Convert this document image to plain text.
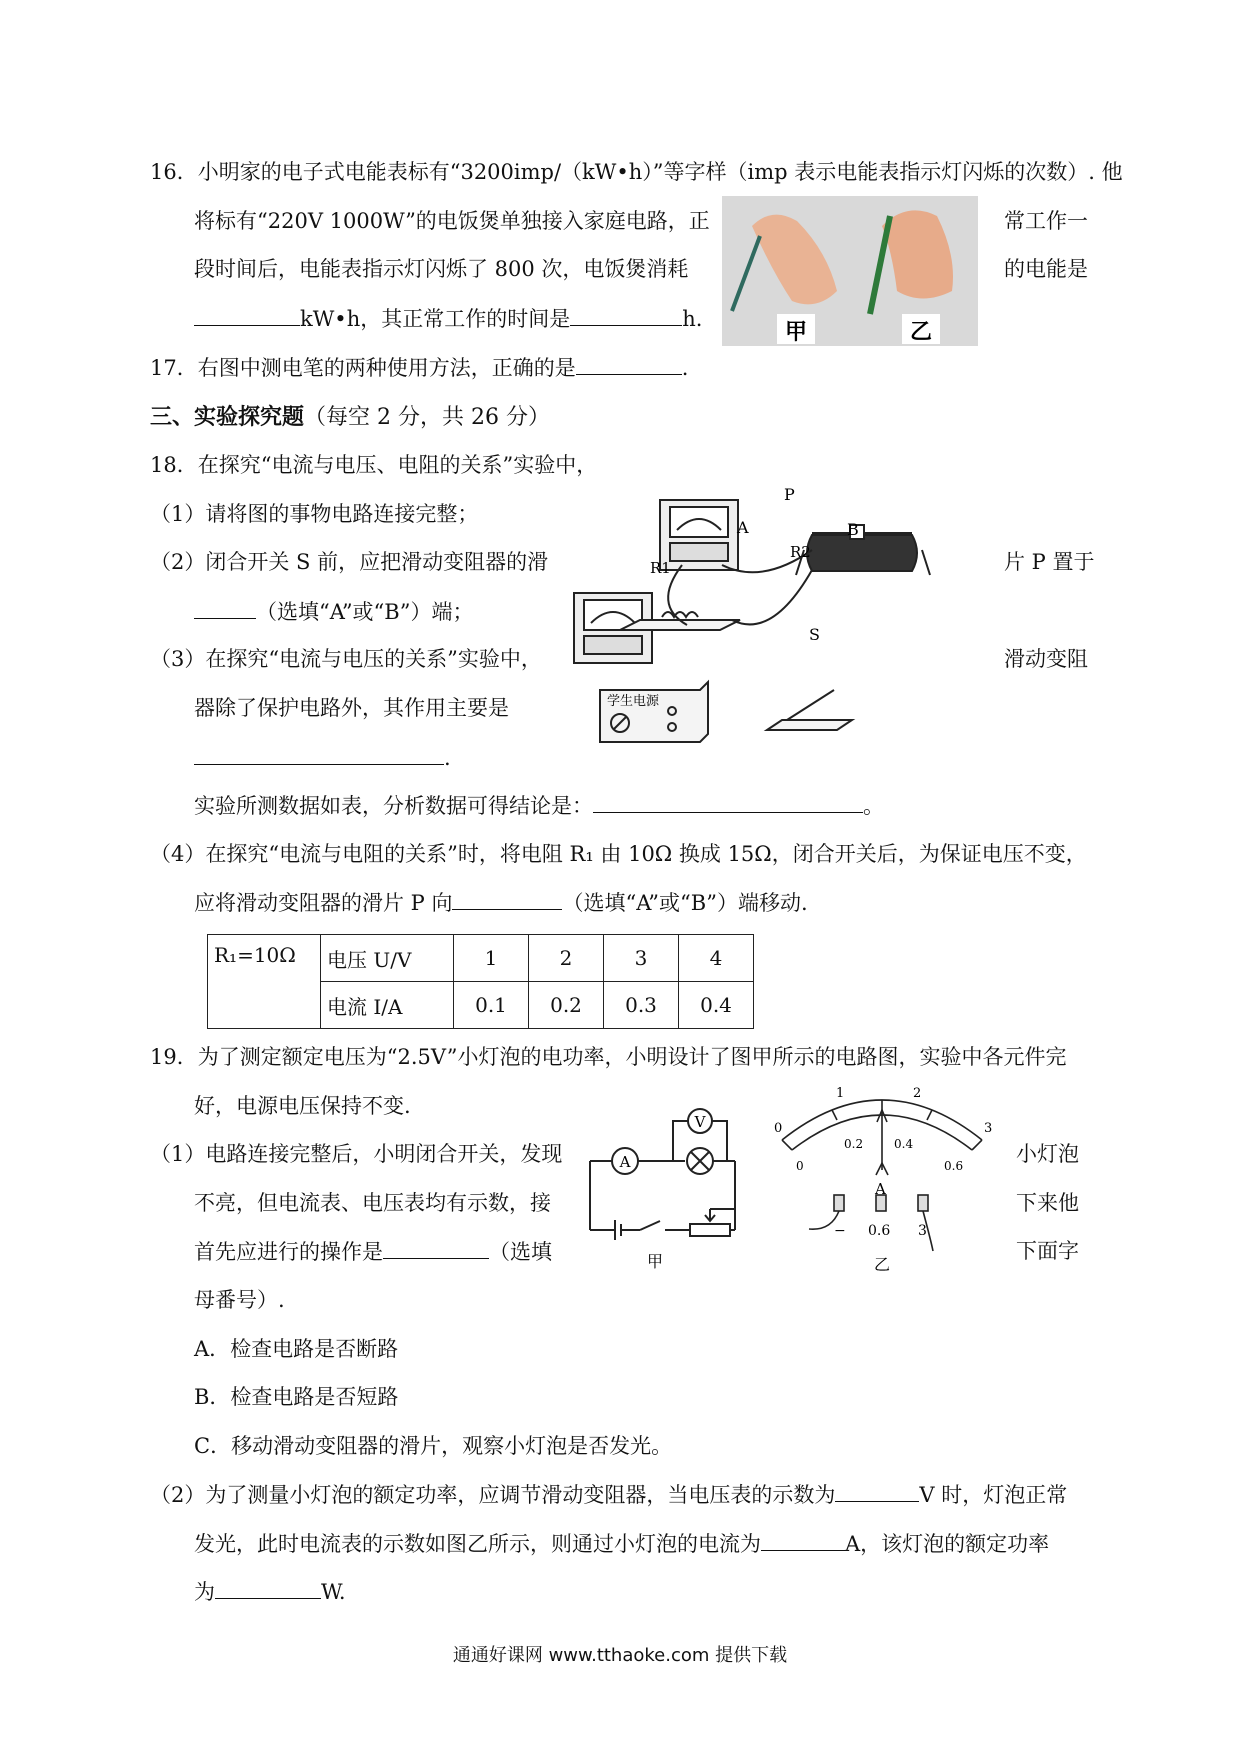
16．小明家的电子式电能表标有“3200imp/（kW•h）”等字样（imp 表示电能表指示灯闪烁的次数）. 他
将标有“220V 1000W”的电饭煲单独接入家庭电路，正	常工作一
段时间后，电能表指示灯闪烁了 800 次，电饭煲消耗	的电能是
kW•h，其正常工作的时间是	h.	甲	乙
17．右图中测电笔的两种使用方法，正确的是	.
三、实验探究题（每空 2 分，共 26 分）
18．在探究“电流与电压、电阻的关系”实验中，
（1）请将图的事物电路连接完整；
（2）闭合开关 S 前，应把滑动变阻器的滑	片 P 置于
（选填“A”或“B”）端；
（3）在探究“电流与电压的关系”实验中，	滑动变阻
器除了保护电路外，其作用主要是
.
实验所测数据如表，分析数据可得结论是：	。
（4）在探究“电流与电阻的关系”时，将电阻 R₁ 由 10Ω 换成 15Ω，闭合开关后，为保证电压不变，
应将滑动变阻器的滑片 P 向	（选填“A”或“B”）端移动.
P
A	B
R1
R2
S
学生电源
R₁=10Ω	电压 U/V	1	2	3	4
	电流 I/A	0.1	0.2	0.3	0.4
19．为了测定额定电压为“2.5V”小灯泡的电功率，小明设计了图甲所示的电路图，实验中各元件完
好，电源电压保持不变.
（1）电路连接完整后，小明闭合开关，发现	小灯泡
不亮，但电流表、电压表均有示数，接	下来他
首先应进行的操作是	（选填	下面字
母番号）.
A．检查电路是否断路
B．检查电路是否短路
C．移动滑动变阻器的滑片，观察小灯泡是否发光。
（2）为了测量小灯泡的额定功率，应调节滑动变阻器，当电压表的示数为	V 时，灯泡正常
发光，此时电流表的示数如图乙所示，则通过小灯泡的电流为	A，该灯泡的额定功率
为	W.
A
V
甲
0
1	2
3
0
0.2	0.4
0.6
A
− 0.6 3
乙
通通好课网 www.tthaoke.com 提供下载
